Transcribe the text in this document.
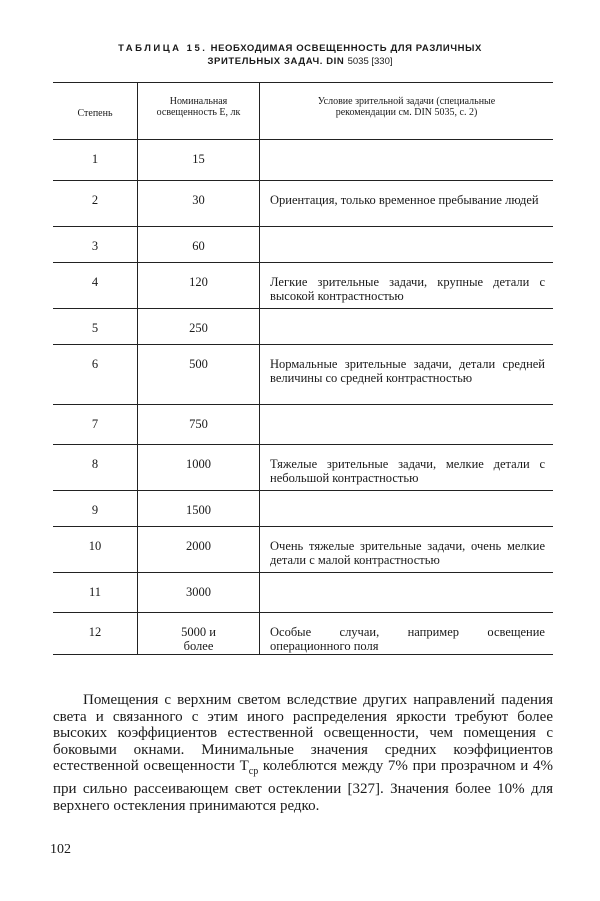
ТАБЛИЦА 15. НЕОБХОДИМАЯ ОСВЕЩЕННОСТЬ ДЛЯ РАЗЛИЧНЫХ
ЗРИТЕЛЬНЫХ ЗАДАЧ. DIN 5035 [330]
Степень	Номинальная освещенность Е, лк	Условие зрительной задачи (специальные рекомендации см. DIN 5035, с. 2)

1	15	

2	30	Ориентация, только временное пребывание людей
3	60	

4	120	Легкие зрительные задачи, крупные детали с высокой контрастностью
5	250	

6	500	Нормальные зрительные задачи, детали средней величины со средней контрастностью
7	750	

8	1000	Тяжелые зрительные задачи, мелкие детали с небольшой контрастностью
9	1500	

10	2000	Очень тяжелые зрительные задачи, очень мелкие детали с малой контрастностью
11	3000	

12	5000 и более	Особые случаи, например освещение операционного поля

Помещения с верхним светом вследствие других направлений падения света и связанного с этим иного распределения яркости требуют более высоких коэффициентов естественной освещенности, чем помещения с боковыми окнами. Минимальные значения средних коэффициентов естественной освещенности $T_{ср}$ колеблются между 7% при прозрачном и 4% при сильно рассеивающем свет остеклении [327]. Значения более 10% для верхнего остекления принимаются редко.

102
